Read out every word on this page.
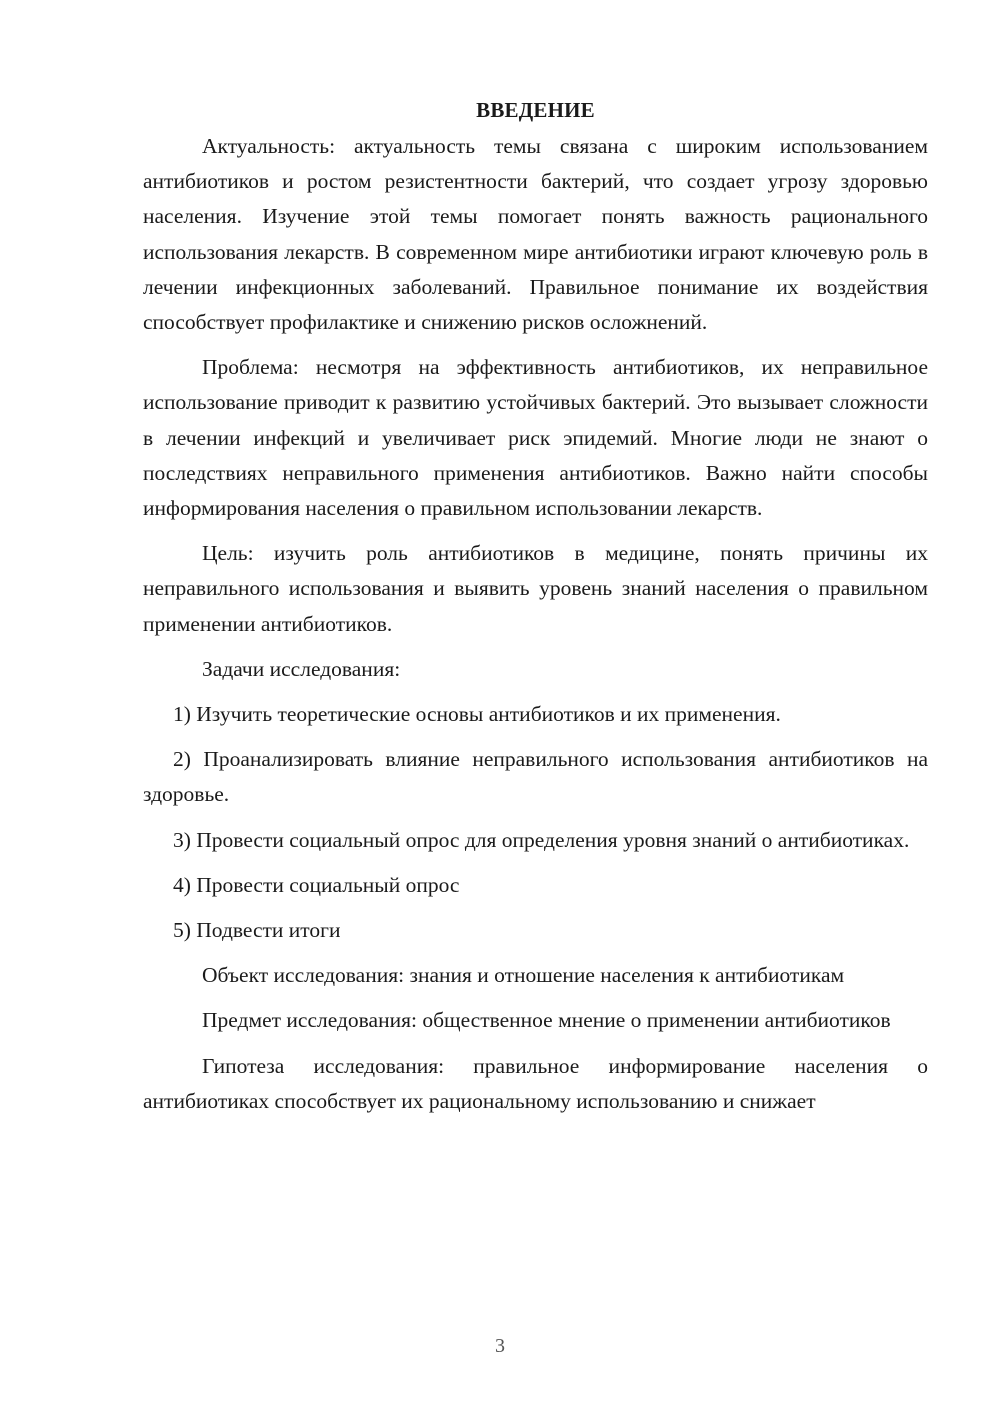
ВВЕДЕНИЕ

Актуальность: актуальность темы связана с широким использованием антибиотиков и ростом резистентности бактерий, что создает угрозу здоровью населения. Изучение этой темы помогает понять важность рационального использования лекарств. В современном мире антибиотики играют ключевую роль в лечении инфекционных заболеваний. Правильное понимание их воздействия способствует профилактике и снижению рисков осложнений.

Проблема: несмотря на эффективность антибиотиков, их неправильное использование приводит к развитию устойчивых бактерий. Это вызывает сложности в лечении инфекций и увеличивает риск эпидемий. Многие люди не знают о последствиях неправильного применения антибиотиков. Важно найти способы информирования населения о правильном использовании лекарств.

Цель: изучить роль антибиотиков в медицине, понять причины их неправильного использования и выявить уровень знаний населения о правильном применении антибиотиков.

Задачи исследования:

1) Изучить теоретические основы антибиотиков и их применения.

2) Проанализировать влияние неправильного использования антибиотиков на здоровье.

3) Провести социальный опрос для определения уровня знаний о антибиотиках.

4) Провести социальный опрос

5) Подвести итоги

Объект исследования: знания и отношение населения к антибиотикам

Предмет исследования: общественное мнение о применении антибиотиков

Гипотеза исследования: правильное информирование населения о антибиотиках способствует их рациональному использованию и снижает

3
